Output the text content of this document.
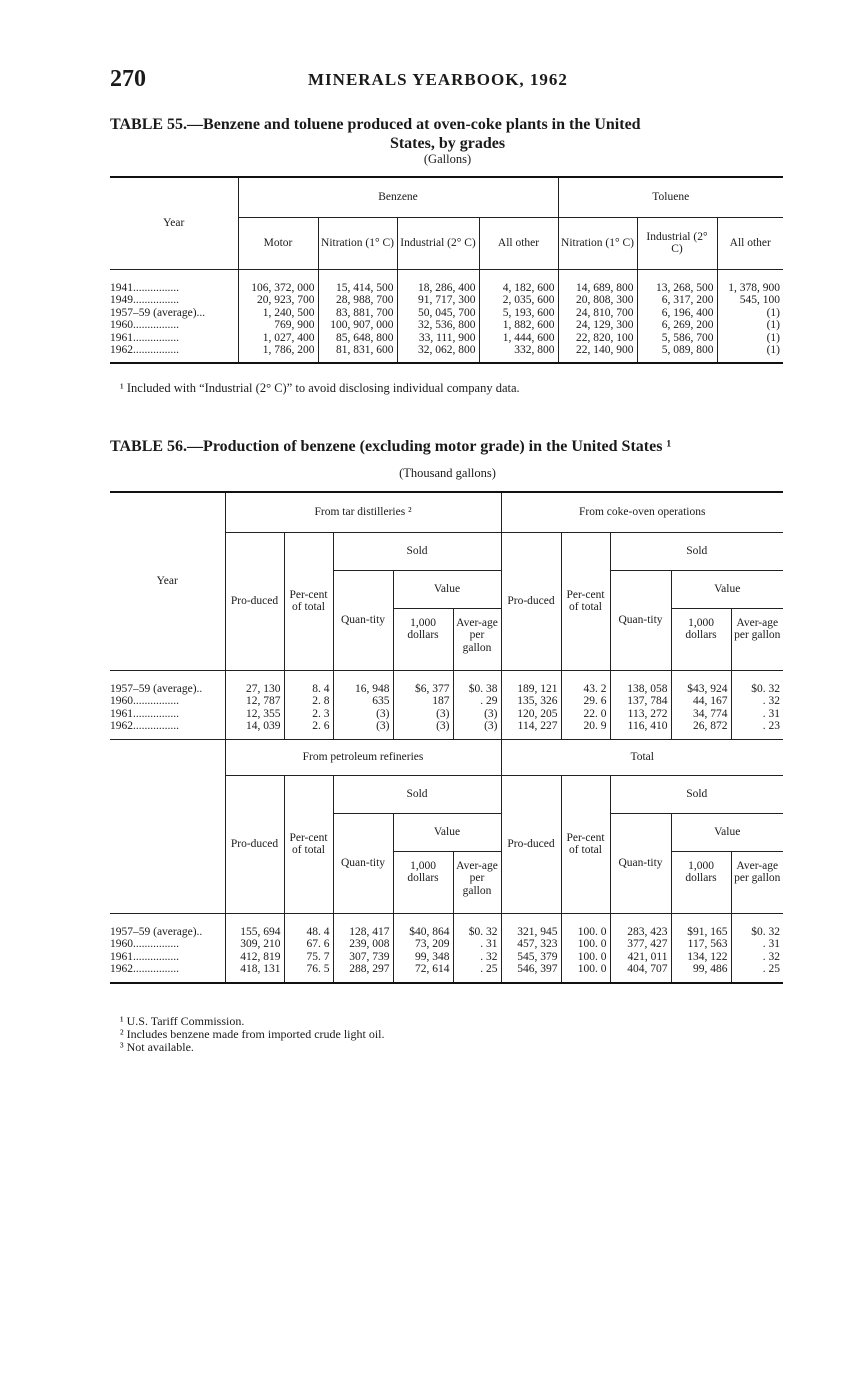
270	MINERALS YEARBOOK, 1962
TABLE 55.—Benzene and toluene produced at oven-coke plants in the United
States, by grades
(Gallons)
Year	Benzene				Toluene		
	Motor	Nitration (1° C)	Industrial (2° C)	All other	Nitration (1° C)	Industrial (2° C)	All other
1941................	106, 372, 000	15, 414, 500	18, 286, 400	4, 182, 600	14, 689, 800	13, 268, 500	1, 378, 900
1949................	20, 923, 700	28, 988, 700	91, 717, 300	2, 035, 600	20, 808, 300	6, 317, 200	545, 100
1957–59 (average)...	1, 240, 500	83, 881, 700	50, 045, 700	5, 193, 600	24, 810, 700	6, 196, 400	(1)
1960................	769, 900	100, 907, 000	32, 536, 800	1, 882, 600	24, 129, 300	6, 269, 200	(1)
1961................	1, 027, 400	85, 648, 800	33, 111, 900	1, 444, 600	22, 820, 100	5, 586, 700	(1)
1962................	1, 786, 200	81, 831, 600	32, 062, 800	332, 800	22, 140, 900	5, 089, 800	(1)
¹ Included with “Industrial (2° C)” to avoid disclosing individual company data.
TABLE 56.—Production of benzene (excluding motor grade) in the United States ¹
(Thousand gallons)
Year	From tar distilleries ²					From coke-oven operations				
	Pro-duced	Per-cent of total	Sold			Pro-duced	Per-cent of total	Sold		
			Quan-tity	Value				Quan-tity	Value	
				1,000 dollars	Aver-age per gallon				1,000 dollars	Aver-age per gallon

1957–59 (average)..	27, 130	8. 4	16, 948	$6, 377	$0. 38	189, 121	43. 2	138, 058	$43, 924	$0. 32
1960................	12, 787	2. 8	635	187	. 29	135, 326	29. 6	137, 784	44, 167	. 32
1961................	12, 355	2. 3	(3)	(3)	(3)	120, 205	22. 0	113, 272	34, 774	. 31
1962................	14, 039	2. 6	(3)	(3)	(3)	114, 227	20. 9	116, 410	26, 872	. 23
	From petroleum refineries					Total				
	Pro-duced	Per-cent of total	Sold			Pro-duced	Per-cent of total	Sold		
			Quan-tity	Value				Quan-tity	Value	
				1,000 dollars	Aver-age per gallon				1,000 dollars	Aver-age per gallon

1957–59 (average)..	155, 694	48. 4	128, 417	$40, 864	$0. 32	321, 945	100. 0	283, 423	$91, 165	$0. 32
1960................	309, 210	67. 6	239, 008	73, 209	. 31	457, 323	100. 0	377, 427	117, 563	. 31
1961................	412, 819	75. 7	307, 739	99, 348	. 32	545, 379	100. 0	421, 011	134, 122	. 32
1962................	418, 131	76. 5	288, 297	72, 614	. 25	546, 397	100. 0	404, 707	99, 486	. 25
¹ U.S. Tariff Commission.
² Includes benzene made from imported crude light oil.
³ Not available.
